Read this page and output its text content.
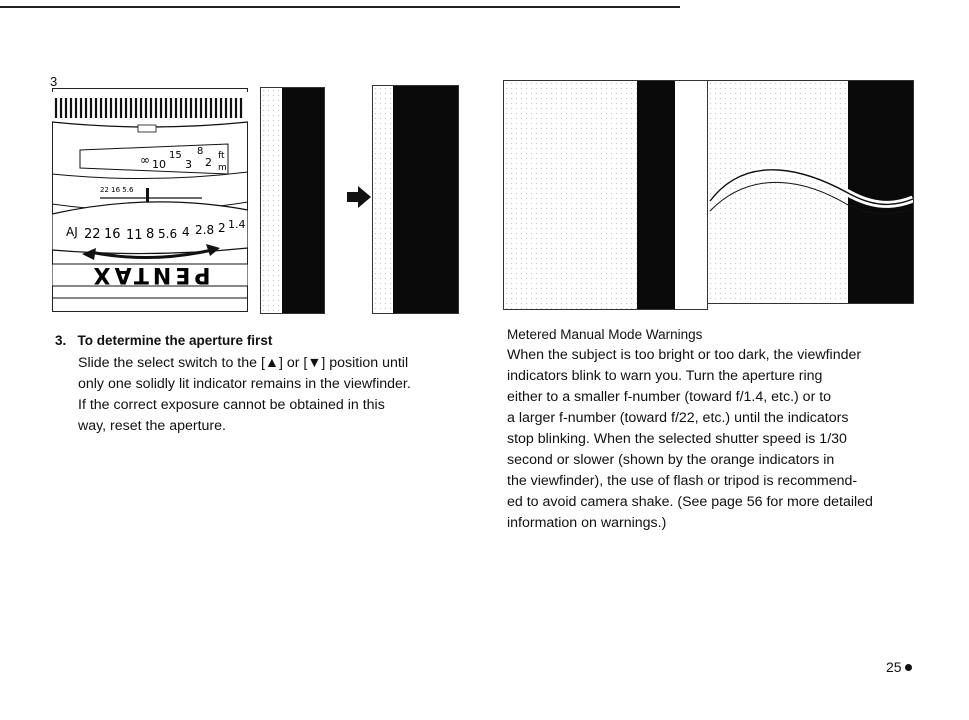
3
∞ 15 8
10 3 2 ft
m
22 16 5.6
AJ 22 16 11 8 5.6 4 2.8 2 1.4
PENTAX
3. To determine the aperture first
Slide the select switch to the [▲] or [▼] position until
only one solidly lit indicator remains in the viewfinder.
If the correct exposure cannot be obtained in this
way, reset the aperture.
Metered Manual Mode Warnings
When the subject is too bright or too dark, the viewfinder
indicators blink to warn you. Turn the aperture ring
either to a smaller f-number (toward f/1.4, etc.) or to
a larger f-number (toward f/22, etc.) until the indicators
stop blinking. When the selected shutter speed is 1/30
second or slower (shown by the orange indicators in
the viewfinder), the use of flash or tripod is recommend-
ed to avoid camera shake. (See page 56 for more detailed
information on warnings.)
25
